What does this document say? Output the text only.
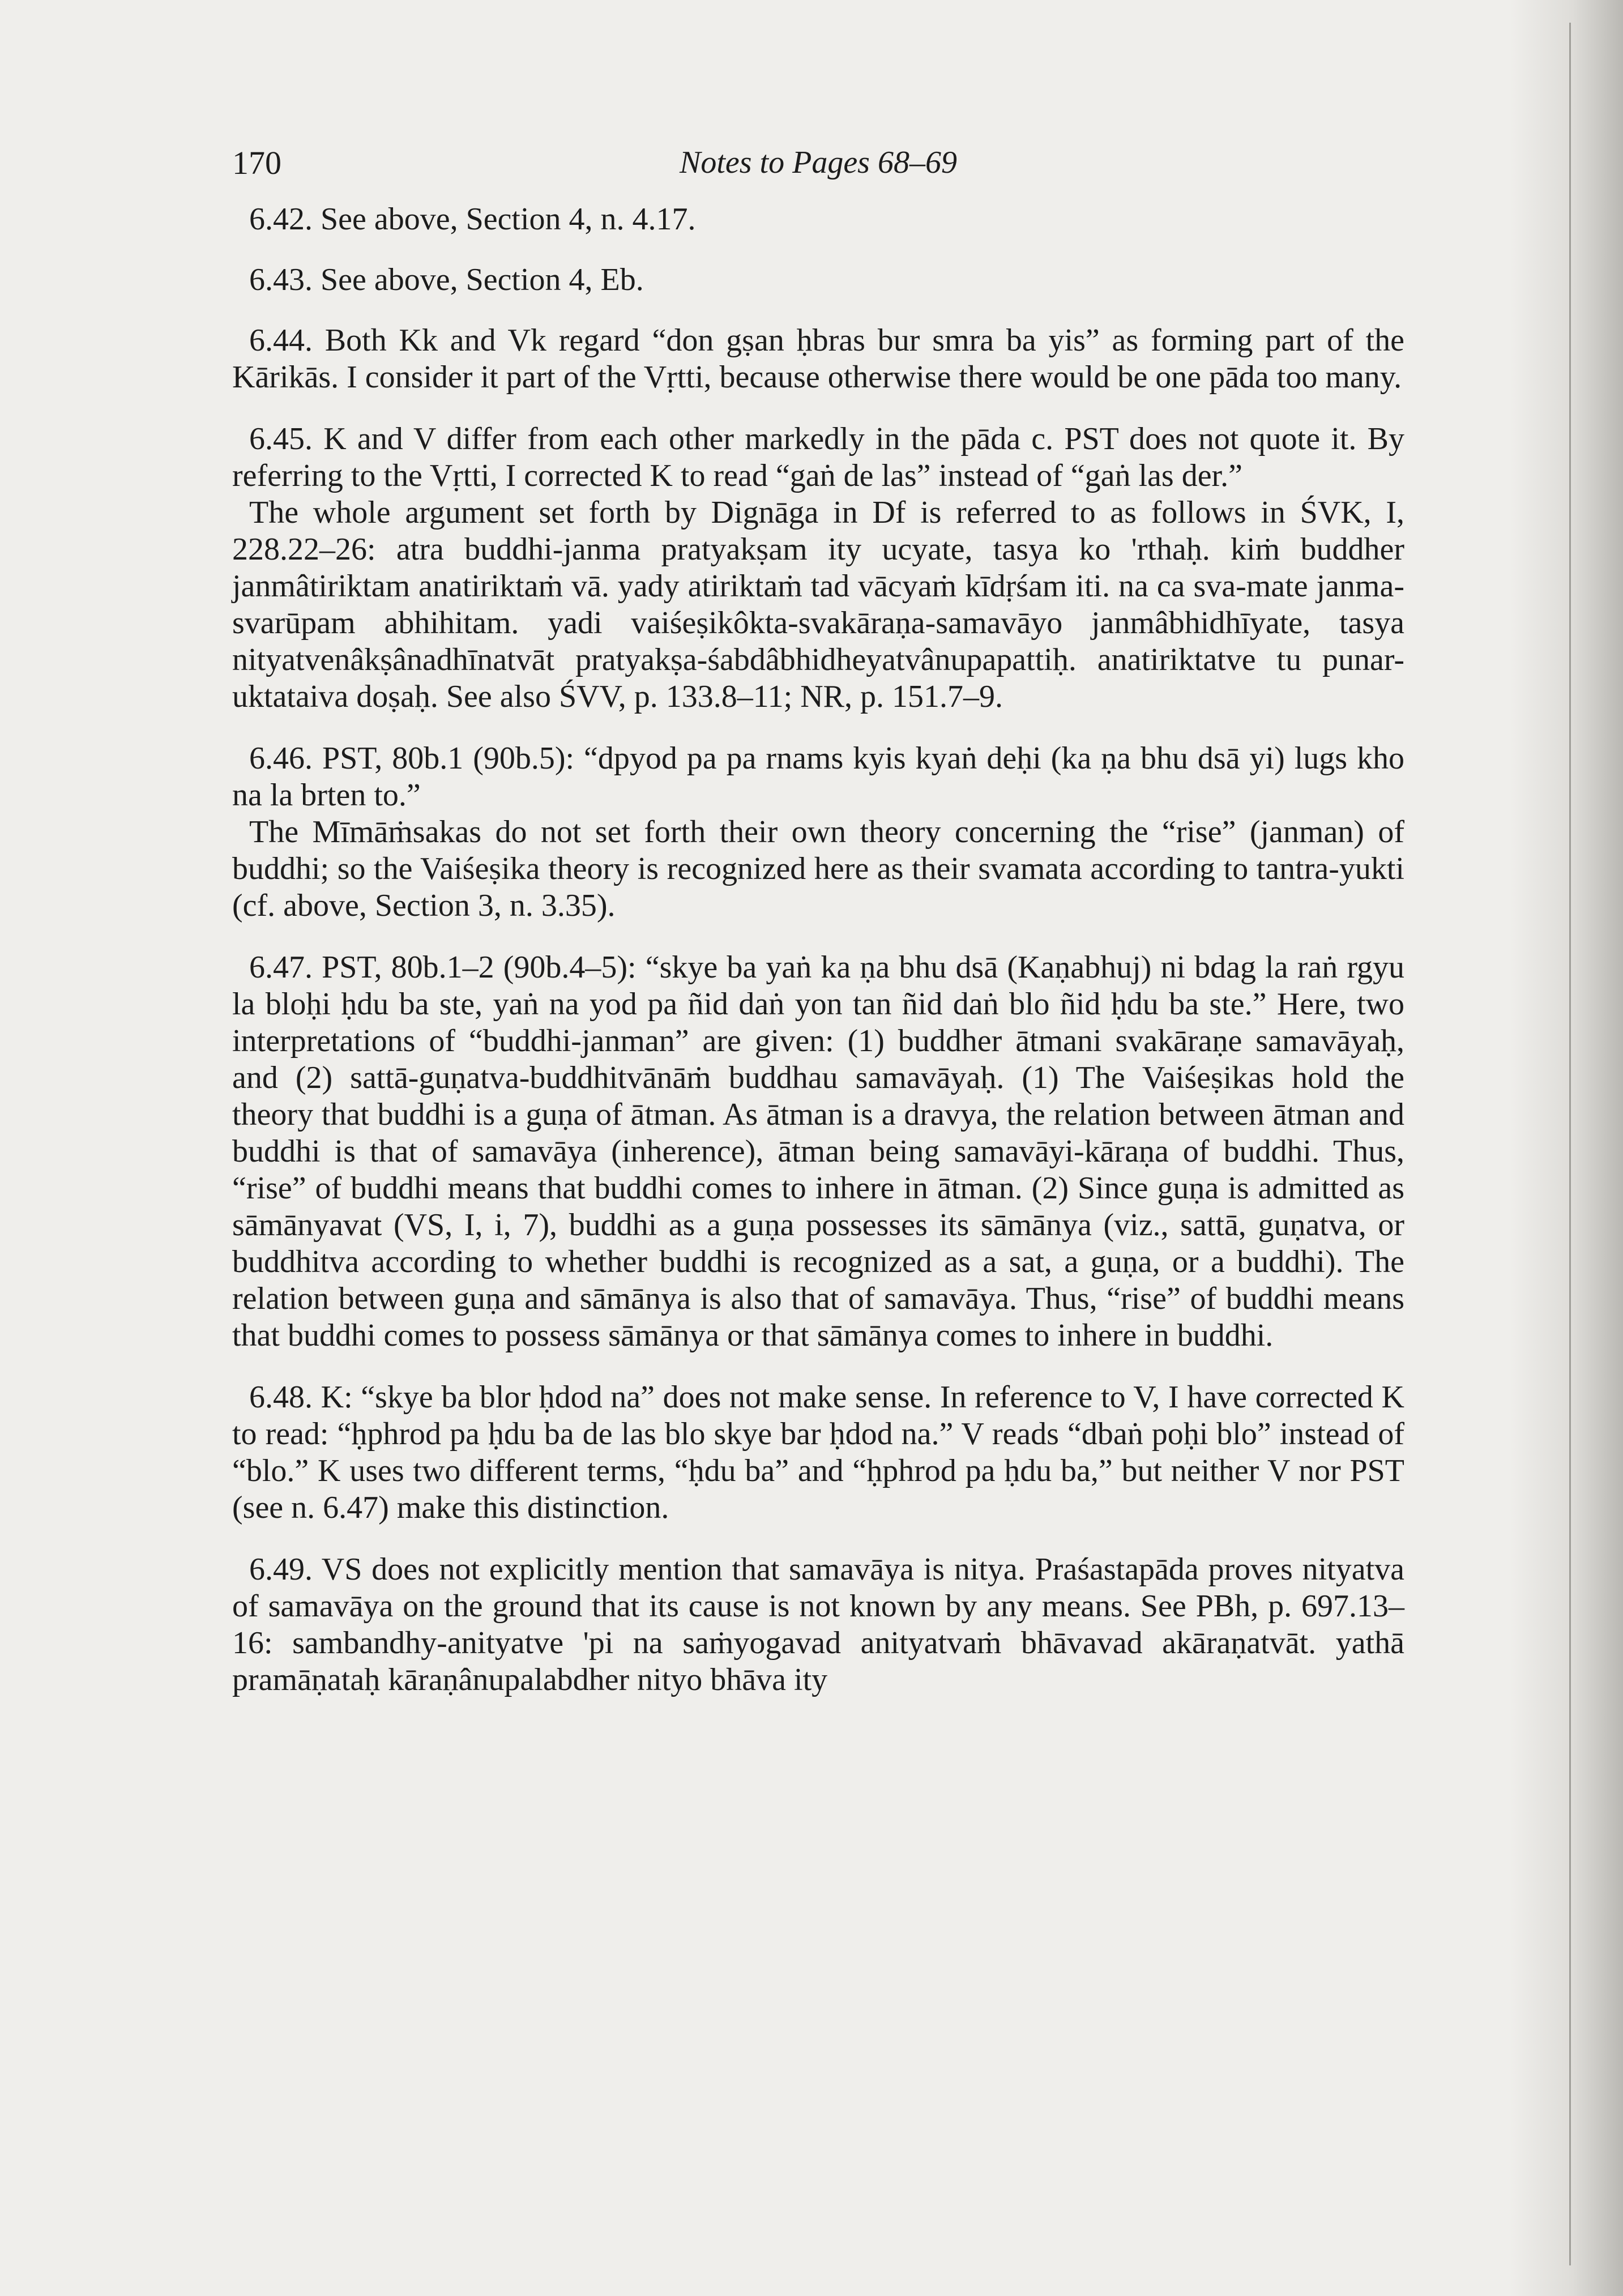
170	Notes to Pages 68–69

6.42. See above, Section 4, n. 4.17.

6.43. See above, Section 4, Eb.

6.44. Both Kk and Vk regard “don gṣan ḥbras bur smra ba yis” as forming part of the Kārikās. I consider it part of the Vṛtti, because otherwise there would be one pāda too many.

6.45. K and V differ from each other markedly in the pāda c. PST does not quote it. By referring to the Vṛtti, I corrected K to read “gaṅ de las” instead of “gaṅ las der.”

The whole argument set forth by Dignāga in Df is referred to as follows in ŚVK, I, 228.22–26: atra buddhi-janma pratyakṣam ity ucyate, tasya ko 'rthaḥ. kiṁ buddher janmâtiriktam anatiriktaṁ vā. yady atiriktaṁ tad vācyaṁ kīdṛśam iti. na ca sva-mate janma-svarūpam abhihitam. yadi vaiśeṣikôkta-svakāraṇa-samavāyo janmâbhidhīyate, tasya nityatvenâkṣânadhīnatvāt pratyakṣa-śabdâbhidheyatvânupapattiḥ. anatiriktatve tu punar-uktataiva doṣaḥ. See also ŚVV, p. 133.8–11; NR, p. 151.7–9.

6.46. PST, 80b.1 (90b.5): “dpyod pa pa rnams kyis kyaṅ deḥi (ka ṇa bhu dsā yi) lugs kho na la brten to.”

The Mīmāṁsakas do not set forth their own theory concerning the “rise” (janman) of buddhi; so the Vaiśeṣika theory is recognized here as their svamata according to tantra-yukti (cf. above, Section 3, n. 3.35).

6.47. PST, 80b.1–2 (90b.4–5): “skye ba yaṅ ka ṇa bhu dsā (Kaṇabhuj) ni bdag la raṅ rgyu la bloḥi ḥdu ba ste, yaṅ na yod pa ñid daṅ yon tan ñid daṅ blo ñid ḥdu ba ste.” Here, two interpretations of “buddhi-janman” are given: (1) buddher ātmani svakāraṇe samavāyaḥ, and (2) sattā-guṇatva-buddhitvānāṁ buddhau samavāyaḥ. (1) The Vaiśeṣikas hold the theory that buddhi is a guṇa of ātman. As ātman is a dravya, the relation between ātman and buddhi is that of samavāya (inherence), ātman being samavāyi-kāraṇa of buddhi. Thus, “rise” of buddhi means that buddhi comes to inhere in ātman. (2) Since guṇa is admitted as sāmānyavat (VS, I, i, 7), buddhi as a guṇa possesses its sāmānya (viz., sattā, guṇatva, or buddhitva according to whether buddhi is recognized as a sat, a guṇa, or a buddhi). The relation between guṇa and sāmānya is also that of samavāya. Thus, “rise” of buddhi means that buddhi comes to possess sāmānya or that sāmānya comes to inhere in buddhi.

6.48. K: “skye ba blor ḥdod na” does not make sense. In reference to V, I have corrected K to read: “ḥphrod pa ḥdu ba de las blo skye bar ḥdod na.” V reads “dbaṅ poḥi blo” instead of “blo.” K uses two different terms, “ḥdu ba” and “ḥphrod pa ḥdu ba,” but neither V nor PST (see n. 6.47) make this distinction.

6.49. VS does not explicitly mention that samavāya is nitya. Praśastapāda proves nityatva of samavāya on the ground that its cause is not known by any means. See PBh, p. 697.13–16: sambandhy-anityatve 'pi na saṁyogavad anityatvaṁ bhāvavad akāraṇatvāt. yathā pramāṇataḥ kāraṇânupalabdher nityo bhāva ity
